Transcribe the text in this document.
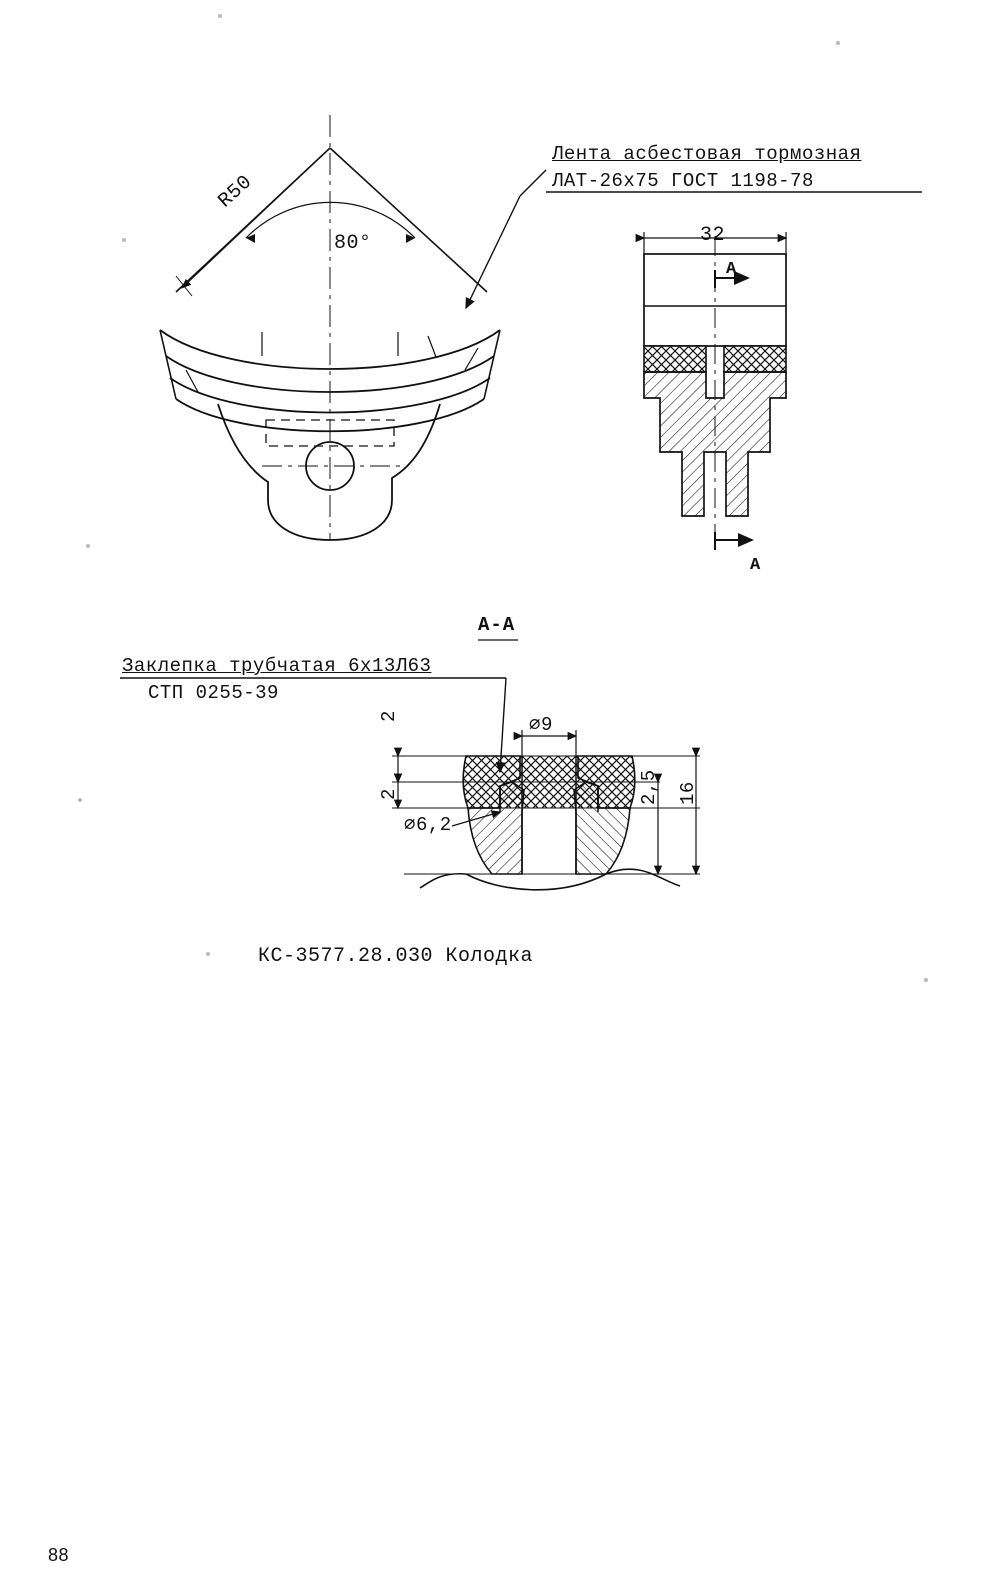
Лента асбестовая тормозная
ЛАТ-26х75 ГОСТ 1198-78
Заклепка трубчатая 6х13Л63
СТП 0255-39
R50
80°	32
А
А
А-А
⌀9
⌀6,2
2
2	2,5 16
КС-3577.28.030 Колодка
88
